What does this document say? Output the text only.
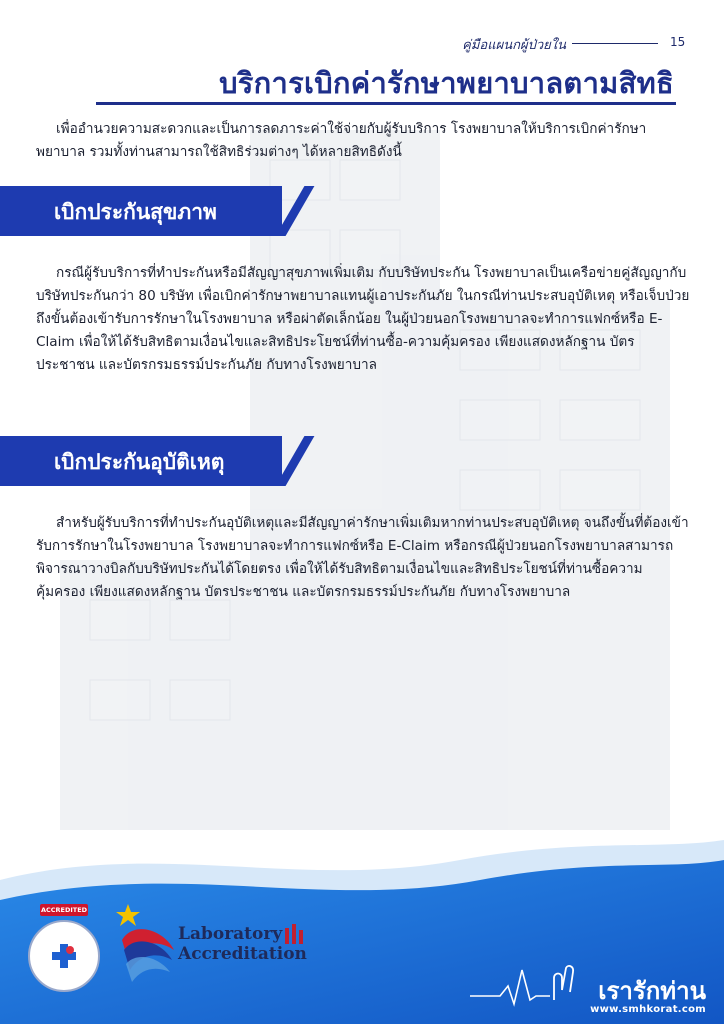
คู่มือแผนกผู้ป่วยใน	15
บริการเบิกค่ารักษาพยาบาลตามสิทธิ

เพื่ออำนวยความสะดวกและเป็นการลดภาระค่าใช้จ่ายกับผู้รับบริการ โรงพยาบาลให้บริการเบิกค่ารักษาพยาบาล รวมทั้งท่านสามารถใช้สิทธิร่วมต่างๆ ได้หลายสิทธิดังนี้

เบิกประกันสุขภาพ

กรณีผู้รับบริการที่ทำประกันหรือมีสัญญาสุขภาพเพิ่มเติม กับบริษัทประกัน โรงพยาบาลเป็นเครือข่ายคู่สัญญากับบริษัทประกันกว่า 80 บริษัท เพื่อเบิกค่ารักษาพยาบาลแทนผู้เอาประกันภัย ในกรณีท่านประสบอุบัติเหตุ หรือเจ็บป่วยถึงขั้นต้องเข้ารับการรักษาในโรงพยาบาล หรือผ่าตัดเล็กน้อย ในผู้ป่วยนอกโรงพยาบาลจะทำการแฟกซ์หรือ E-Claim เพื่อให้ได้รับสิทธิตามเงื่อนไขและสิทธิประโยชน์ที่ท่านซื้อ-ความคุ้มครอง เพียงแสดงหลักฐาน บัตรประชาชน และบัตรกรมธรรม์ประกันภัย กับทางโรงพยาบาล

เบิกประกันอุบัติเหตุ

สำหรับผู้รับบริการที่ทำประกันอุบัติเหตุและมีสัญญาค่ารักษาเพิ่มเติมหากท่านประสบอุบัติเหตุ จนถึงขั้นที่ต้องเข้ารับการรักษาในโรงพยาบาล โรงพยาบาลจะทำการแฟกซ์หรือ E-Claim หรือกรณีผู้ป่วยนอกโรงพยาบาลสามารถพิจารณาวางบิลกับบริษัทประกันได้โดยตรง เพื่อให้ได้รับสิทธิตามเงื่อนไขและสิทธิประโยชน์ที่ท่านซื้อความคุ้มครอง เพียงแสดงหลักฐาน บัตรประชาชน และบัตรกรมธรรม์ประกันภัย กับทางโรงพยาบาล

ACCREDITED
Laboratory
Accreditation
เรารักท่าน
www.smhkorat.com
